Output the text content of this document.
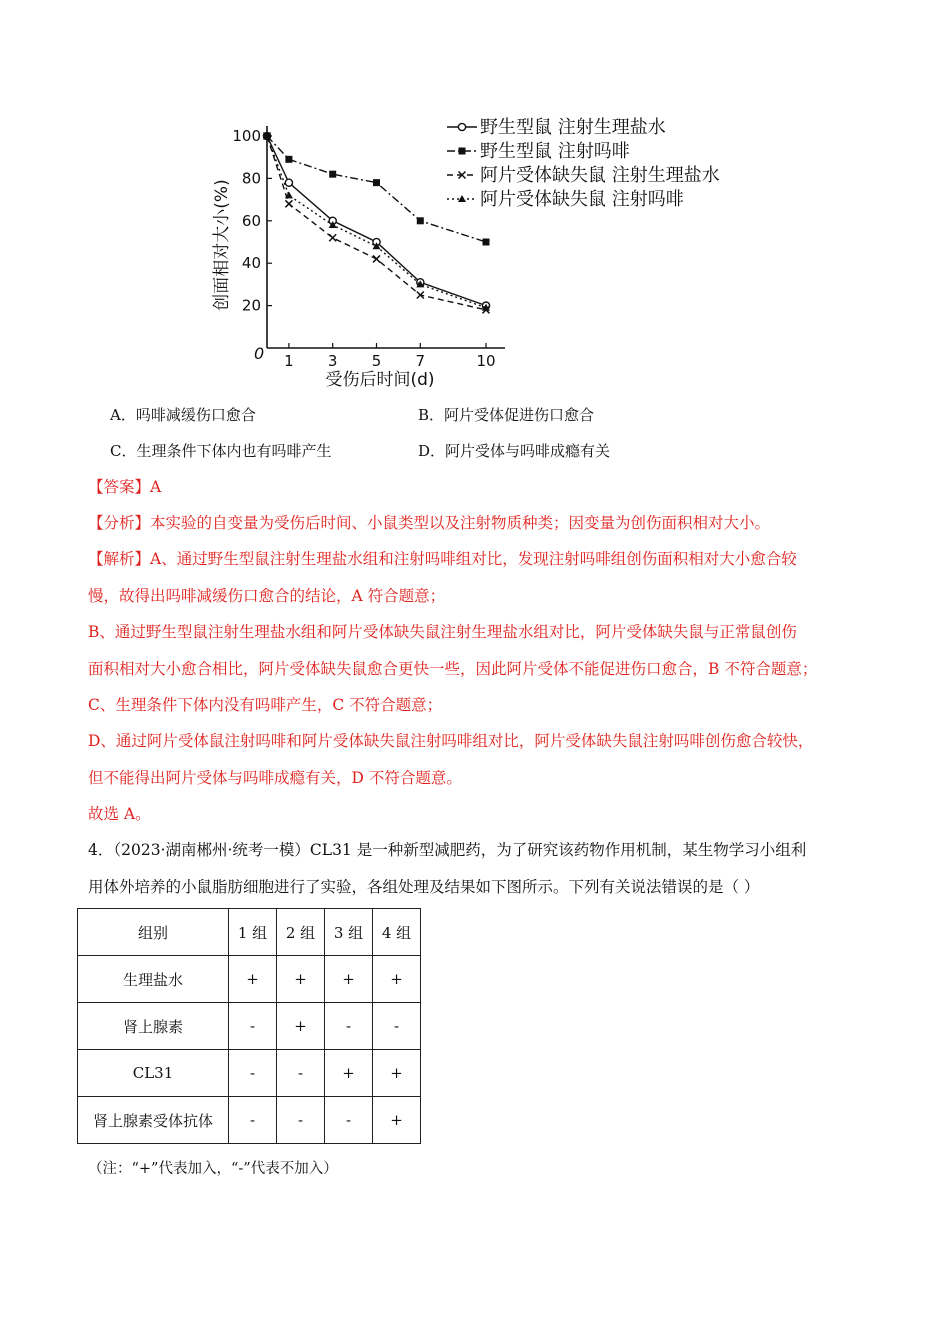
20
40
60
80
100
1 3 5 7	10
野生型鼠 注射生理盐水
野生型鼠 注射吗啡
阿片受体缺失鼠 注射生理盐水
阿片受体缺失鼠 注射吗啡
0
受伤后时间(d)
创面相对大小(%)
A．吗啡减缓伤口愈合	B．阿片受体促进伤口愈合
C．生理条件下体内也有吗啡产生	D．阿片受体与吗啡成瘾有关
【答案】A
【分析】本实验的自变量为受伤后时间、小鼠类型以及注射物质种类；因变量为创伤面积相对大小。
【解析】A、通过野生型鼠注射生理盐水组和注射吗啡组对比，发现注射吗啡组创伤面积相对大小愈合较
慢，故得出吗啡减缓伤口愈合的结论，A 符合题意；
B、通过野生型鼠注射生理盐水组和阿片受体缺失鼠注射生理盐水组对比，阿片受体缺失鼠与正常鼠创伤
面积相对大小愈合相比，阿片受体缺失鼠愈合更快一些，因此阿片受体不能促进伤口愈合，B 不符合题意；
C、生理条件下体内没有吗啡产生，C 不符合题意；
D、通过阿片受体鼠注射吗啡和阿片受体缺失鼠注射吗啡组对比，阿片受体缺失鼠注射吗啡创伤愈合较快，
但不能得出阿片受体与吗啡成瘾有关，D 不符合题意。
故选 A。
4．（2023·湖南郴州·统考一模）CL31 是一种新型减肥药，为了研究该药物作用机制，某生物学习小组利
用体外培养的小鼠脂肪细胞进行了实验，各组处理及结果如下图所示。下列有关说法错误的是（ ）
组别	1 组	2 组	3 组	4 组
生理盐水	+	+	+	+
肾上腺素	-	+	-	-
CL31	-	-	+	+
肾上腺素受体抗体	-	-	-	+
（注：“+”代表加入，“-”代表不加入）
